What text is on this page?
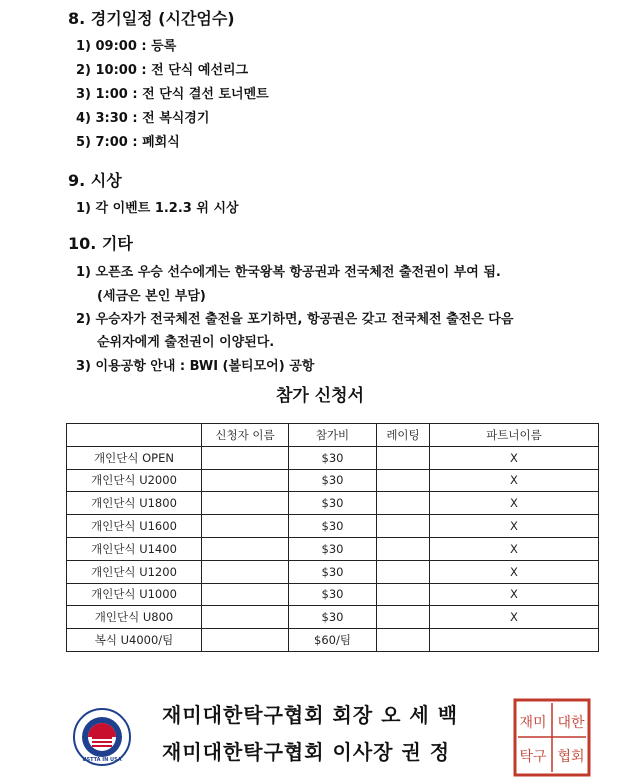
8. 경기일정 (시간엄수)
1) 09:00 : 등록
2) 10:00 : 전 단식 예선리그
3) 1:00 : 전 단식 결선 토너멘트
4) 3:30 : 전 복식경기
5) 7:00 : 폐회식
9. 시상
1) 각 이벤트 1.2.3 위 시상
10. 기타
1) 오픈조 우승 선수에게는 한국왕복 항공권과 전국체전 출전권이 부여 됨.
(세금은 본인 부담)
2) 우승자가 전국체전 출전을 포기하면, 항공권은 갖고 전국체전 출전은 다음
순위자에게 출전권이 이양된다.
3) 이용공항 안내 : BWI (볼티모어) 공항
참가 신청서
	신청자 이름	참가비	레이팅	파트너이름
개인단식 OPEN		$30		X
개인단식 U2000		$30		X
개인단식 U1800		$30		X
개인단식 U1600		$30		X
개인단식 U1400		$30		X
개인단식 U1200		$30		X
개인단식 U1000		$30		X
개인단식 U800		$30		X
복식 U4000/팀		$60/팀		
USTTA IN USA
재미대한탁구협회 회장 오 세 백
재미대한탁구협회 이사장 권 정
재미 대한
탁구 협회
